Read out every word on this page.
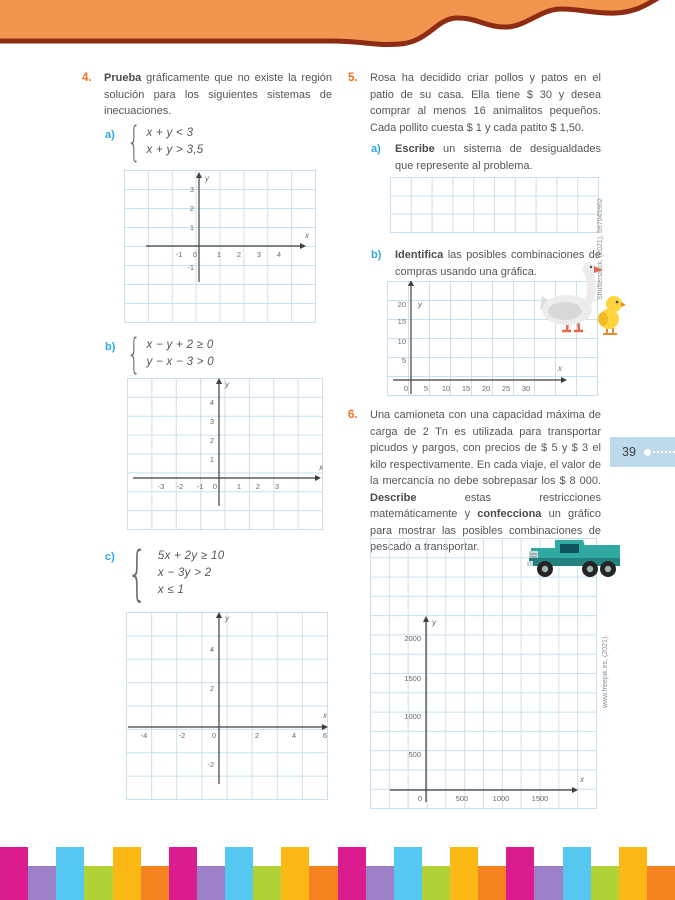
4. Prueba gráficamente que no existe la región solución para los siguientes sistemas de inecuaciones.

a) { x + y < 3
x + y > 3,5
-1 0	1 2 3 4
3
2
1
-1
x
y
b) { x − y + 2 ≥ 0
y − x − 3 > 0
-3 -2 -1 0	1 2 3
4
3
2
1
x
y
c) { 5x + 2y ≥ 10
x − 3y > 2
x ≤ 1
-4	-2	0	2	4	6
4
2
-2
x
y
5. Rosa ha decidido criar pollos y patos en el patio de su casa. Ella tiene $ 30 y desea comprar al menos 16 animalitos pequeños. Cada pollito cuesta $ 1 y cada patito $ 1,50.

a) Escribe un sistema de desigualdades que represente al problema.

b) Identifica las posibles combinaciones de compras usando una gráfica.

0 5 10 15 20 25 30
20
15
10
5
x
y
6. Una camioneta con una capacidad máxima de carga de 2 Tn es utilizada para transportar picudos y pargos, con precios de $ 5 y $ 3 el kilo respectivamente. En cada viaje, el valor de la mercancía no debe sobrepasar los $ 8 000. Describe estas restricciones matemáticamente y confecciona un gráfico para mostrar las posibles combinaciones de pescado a transportar.

0	500	1000	1500
2000
1500
1000
500
x
y
39
Shutterstock, (2021), 597045962
www.freepik.es, (2021).
